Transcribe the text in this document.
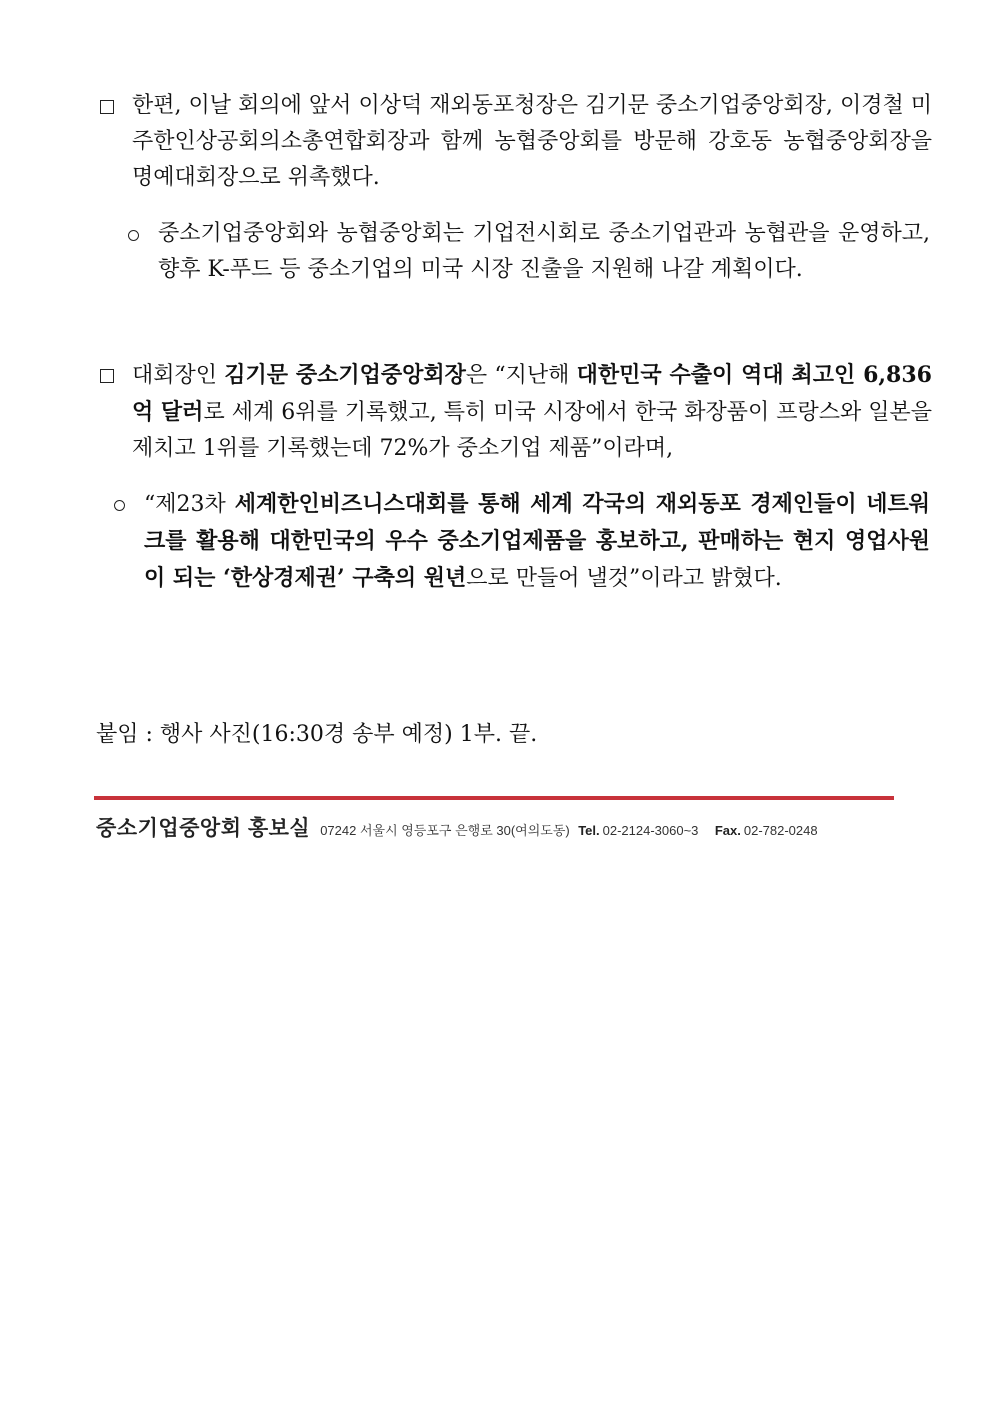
한편, 이날 회의에 앞서 이상덕 재외동포청장은 김기문 중소기업중앙회장, 이경철 미주한인상공회의소총연합회장과 함께 농협중앙회를 방문해 강호동 농협중앙회장을 명예대회장으로 위촉했다.
중소기업중앙회와 농협중앙회는 기업전시회로 중소기업관과 농협관을 운영하고, 향후 K-푸드 등 중소기업의 미국 시장 진출을 지원해 나갈 계획이다.
대회장인 김기문 중소기업중앙회장은 “지난해 대한민국 수출이 역대 최고인 6,836억 달러로 세계 6위를 기록했고, 특히 미국 시장에서 한국 화장품이 프랑스와 일본을 제치고 1위를 기록했는데 72%가 중소기업 제품”이라며,
“제23차 세계한인비즈니스대회를 통해 세계 각국의 재외동포 경제인들이 네트워크를 활용해 대한민국의 우수 중소기업제품을 홍보하고, 판매하는 현지 영업사원이 되는 ‘한상경제권’ 구축의 원년으로 만들어 낼것”이라고 밝혔다.
붙임 : 행사 사진(16:30경 송부 예정) 1부. 끝.
중소기업중앙회 홍보실 07242 서울시 영등포구 은행로 30(여의도동) Tel. 02-2124-3060~3 Fax. 02-782-0248
